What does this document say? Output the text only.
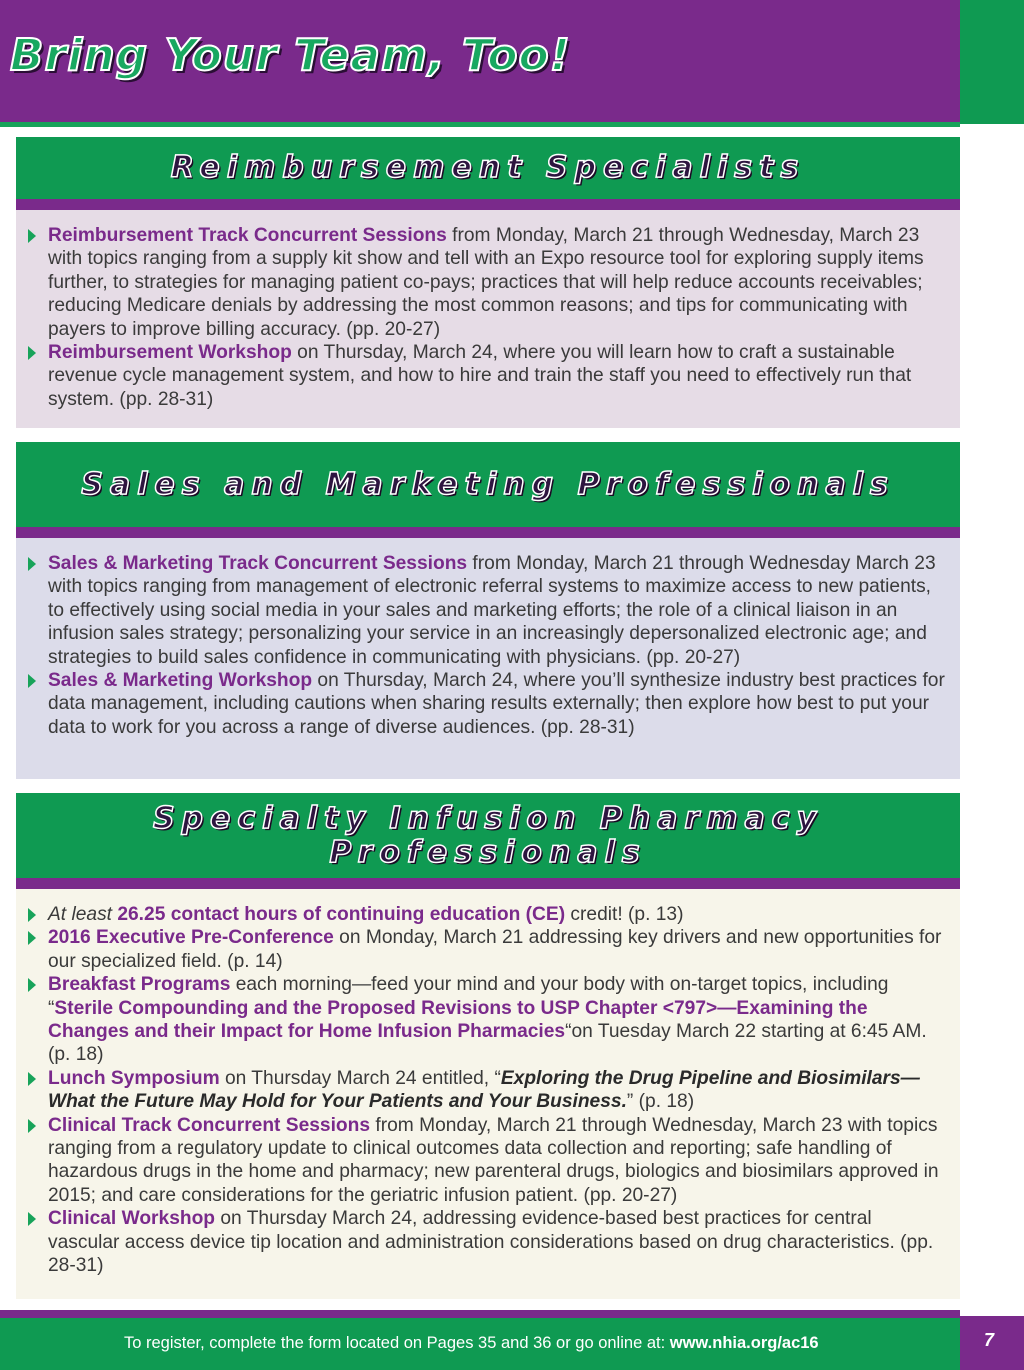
Bring Your Team, Too!
Reimbursement Specialists
Reimbursement Track Concurrent Sessions from Monday, March 21 through Wednesday, March 23 with topics ranging from a supply kit show and tell with an Expo resource tool for exploring supply items further, to strategies for managing patient co-pays; practices that will help reduce accounts receivables; reducing Medicare denials by addressing the most common reasons; and tips for communicating with payers to improve billing accuracy. (pp. 20-27)
Reimbursement Workshop on Thursday, March 24, where you will learn how to craft a sustainable revenue cycle management system, and how to hire and train the staff you need to effectively run that system. (pp. 28-31)
Sales and Marketing Professionals
Sales & Marketing Track Concurrent Sessions from Monday, March 21 through Wednesday March 23 with topics ranging from management of electronic referral systems to maximize access to new patients, to effectively using social media in your sales and marketing efforts; the role of a clinical liaison in an infusion sales strategy; personalizing your service in an increasingly depersonalized electronic age; and strategies to build sales confidence in communicating with physicians. (pp. 20-27)
Sales & Marketing Workshop on Thursday, March 24, where you’ll synthesize industry best practices for data management, including cautions when sharing results externally; then explore how best to put your data to work for you across a range of diverse audiences. (pp. 28-31)
Specialty Infusion Pharmacy Professionals
At least 26.25 contact hours of continuing education (CE) credit! (p. 13)
2016 Executive Pre-Conference on Monday, March 21 addressing key drivers and new opportunities for our specialized field. (p. 14)
Breakfast Programs each morning—feed your mind and your body with on-target topics, including “Sterile Compounding and the Proposed Revisions to USP Chapter <797>—Examining the Changes and their Impact for Home Infusion Pharmacies“on Tuesday March 22 starting at 6:45 AM. (p. 18)
Lunch Symposium on Thursday March 24 entitled, “Exploring the Drug Pipeline and Biosimilars—What the Future May Hold for Your Patients and Your Business.” (p. 18)
Clinical Track Concurrent Sessions from Monday, March 21 through Wednesday, March 23 with topics ranging from a regulatory update to clinical outcomes data collection and reporting; safe handling of hazardous drugs in the home and pharmacy; new parenteral drugs, biologics and biosimilars approved in 2015; and care considerations for the geriatric infusion patient. (pp. 20-27)
Clinical Workshop on Thursday March 24, addressing evidence-based best practices for central vascular access device tip location and administration considerations based on drug characteristics. (pp. 28-31)

To register, complete the form located on Pages 35 and 36 or go online at: www.nhia.org/ac16	7
